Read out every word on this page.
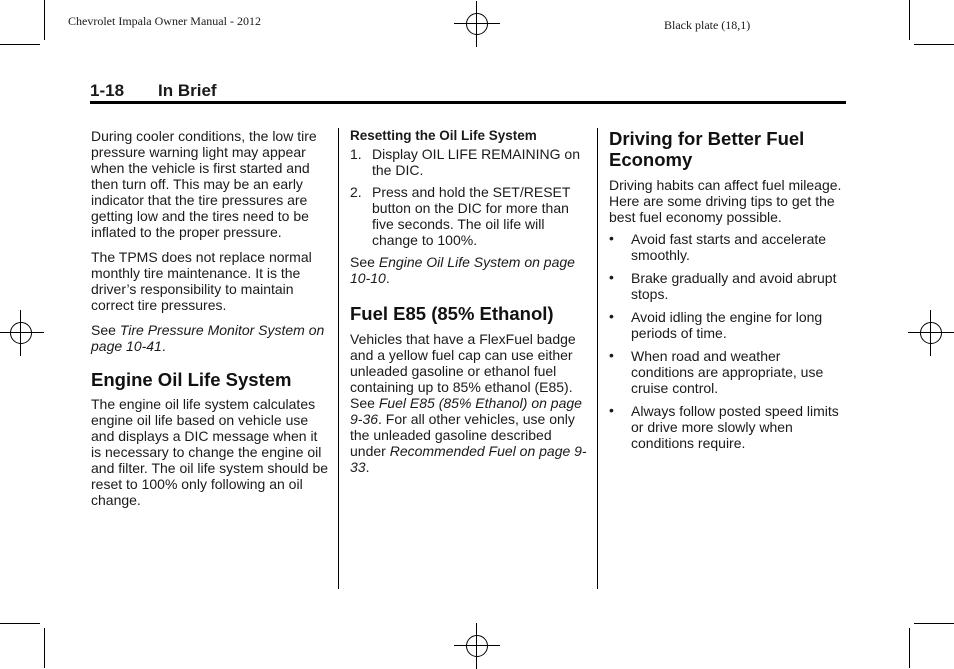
Chevrolet Impala Owner Manual - 2012	Black plate (18,1)
1-18 In Brief

During cooler conditions, the low tire pressure warning light may appear when the vehicle is first started and then turn off. This may be an early indicator that the tire pressures are getting low and the tires need to be inflated to the proper pressure.

The TPMS does not replace normal monthly tire maintenance. It is the driver’s responsibility to maintain correct tire pressures.

See Tire Pressure Monitor System on page 10-41.

Engine Oil Life System

The engine oil life system calculates engine oil life based on vehicle use and displays a DIC message when it is necessary to change the engine oil and filter. The oil life system should be reset to 100% only following an oil change.

Resetting the Oil Life System
1. Display OIL LIFE REMAINING on the DIC.
2. Press and hold the SET/RESET button on the DIC for more than five seconds. The oil life will change to 100%.

See Engine Oil Life System on page 10-10.

Fuel E85 (85% Ethanol)

Vehicles that have a FlexFuel badge and a yellow fuel cap can use either unleaded gasoline or ethanol fuel containing up to 85% ethanol (E85). See Fuel E85 (85% Ethanol) on page 9-36. For all other vehicles, use only the unleaded gasoline described under Recommended Fuel on page 9-33.

Driving for Better Fuel Economy

Driving habits can affect fuel mileage. Here are some driving tips to get the best fuel economy possible.

• Avoid fast starts and accelerate smoothly.
• Brake gradually and avoid abrupt stops.
• Avoid idling the engine for long periods of time.
• When road and weather conditions are appropriate, use cruise control.
• Always follow posted speed limits or drive more slowly when conditions require.
